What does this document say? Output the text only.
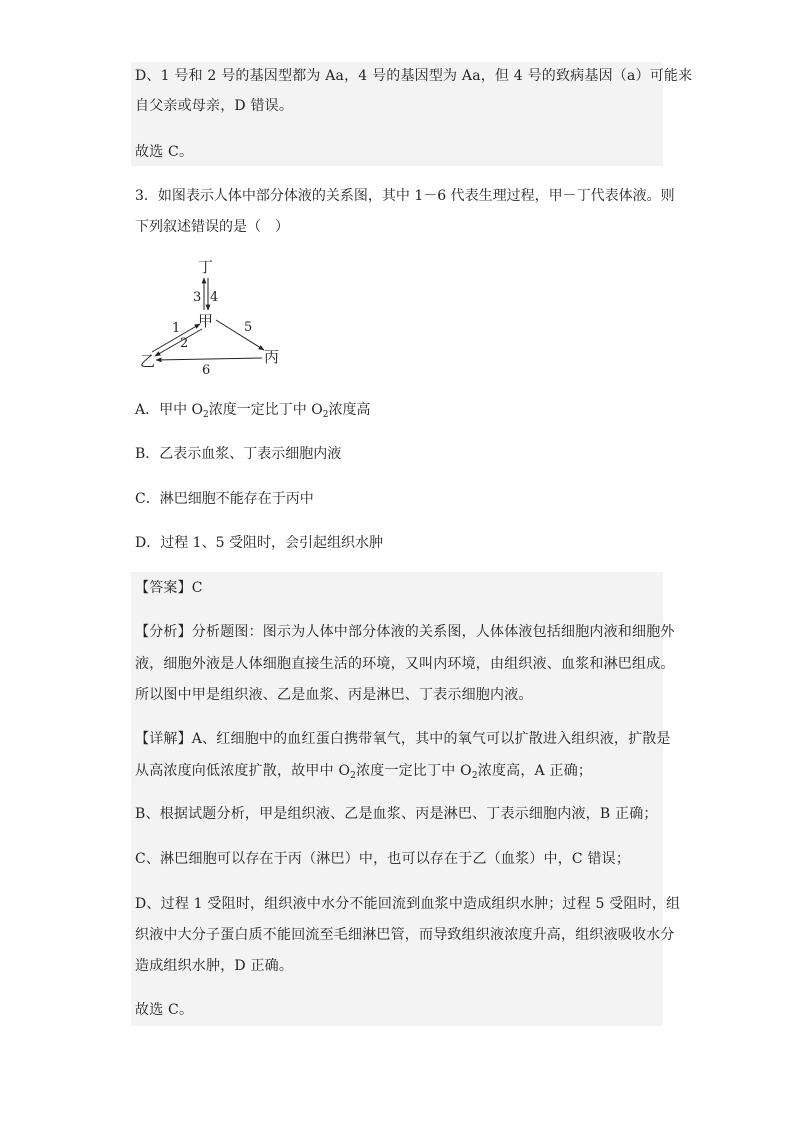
D、1 号和 2 号的基因型都为 Aa，4 号的基因型为 Aa，但 4 号的致病基因（a）可能来
自父亲或母亲，D 错误。
故选 C。
3．如图表示人体中部分体液的关系图，其中 1－6 代表生理过程，甲－丁代表体液。则
下列叙述错误的是（　）
A．甲中 $O_2$浓度一定比丁中 $O_2$浓度高
B．乙表示血浆、丁表示细胞内液
C．淋巴细胞不能存在于丙中
D．过程 1、5 受阻时，会引起组织水肿
【答案】C
【分析】分析题图：图示为人体中部分体液的关系图，人体体液包括细胞内液和细胞外
液，细胞外液是人体细胞直接生活的环境，又叫内环境，由组织液、血浆和淋巴组成。
所以图中甲是组织液、乙是血浆、丙是淋巴、丁表示细胞内液。
【详解】A、红细胞中的血红蛋白携带氧气，其中的氧气可以扩散进入组织液，扩散是
从高浓度向低浓度扩散，故甲中 $O_2$浓度一定比丁中 $O_2$浓度高，A 正确；
B、根据试题分析，甲是组织液、乙是血浆、丙是淋巴、丁表示细胞内液，B 正确；
C、淋巴细胞可以存在于丙（淋巴）中，也可以存在于乙（血浆）中，C 错误；
D、过程 1 受阻时，组织液中水分不能回流到血浆中造成组织水肿；过程 5 受阻时，组
织液中大分子蛋白质不能回流至毛细淋巴管，而导致组织液浓度升高，组织液吸收水分
造成组织水肿，D 正确。
故选 C。
丁
甲
乙	丙
3 4
1
2
5
6
